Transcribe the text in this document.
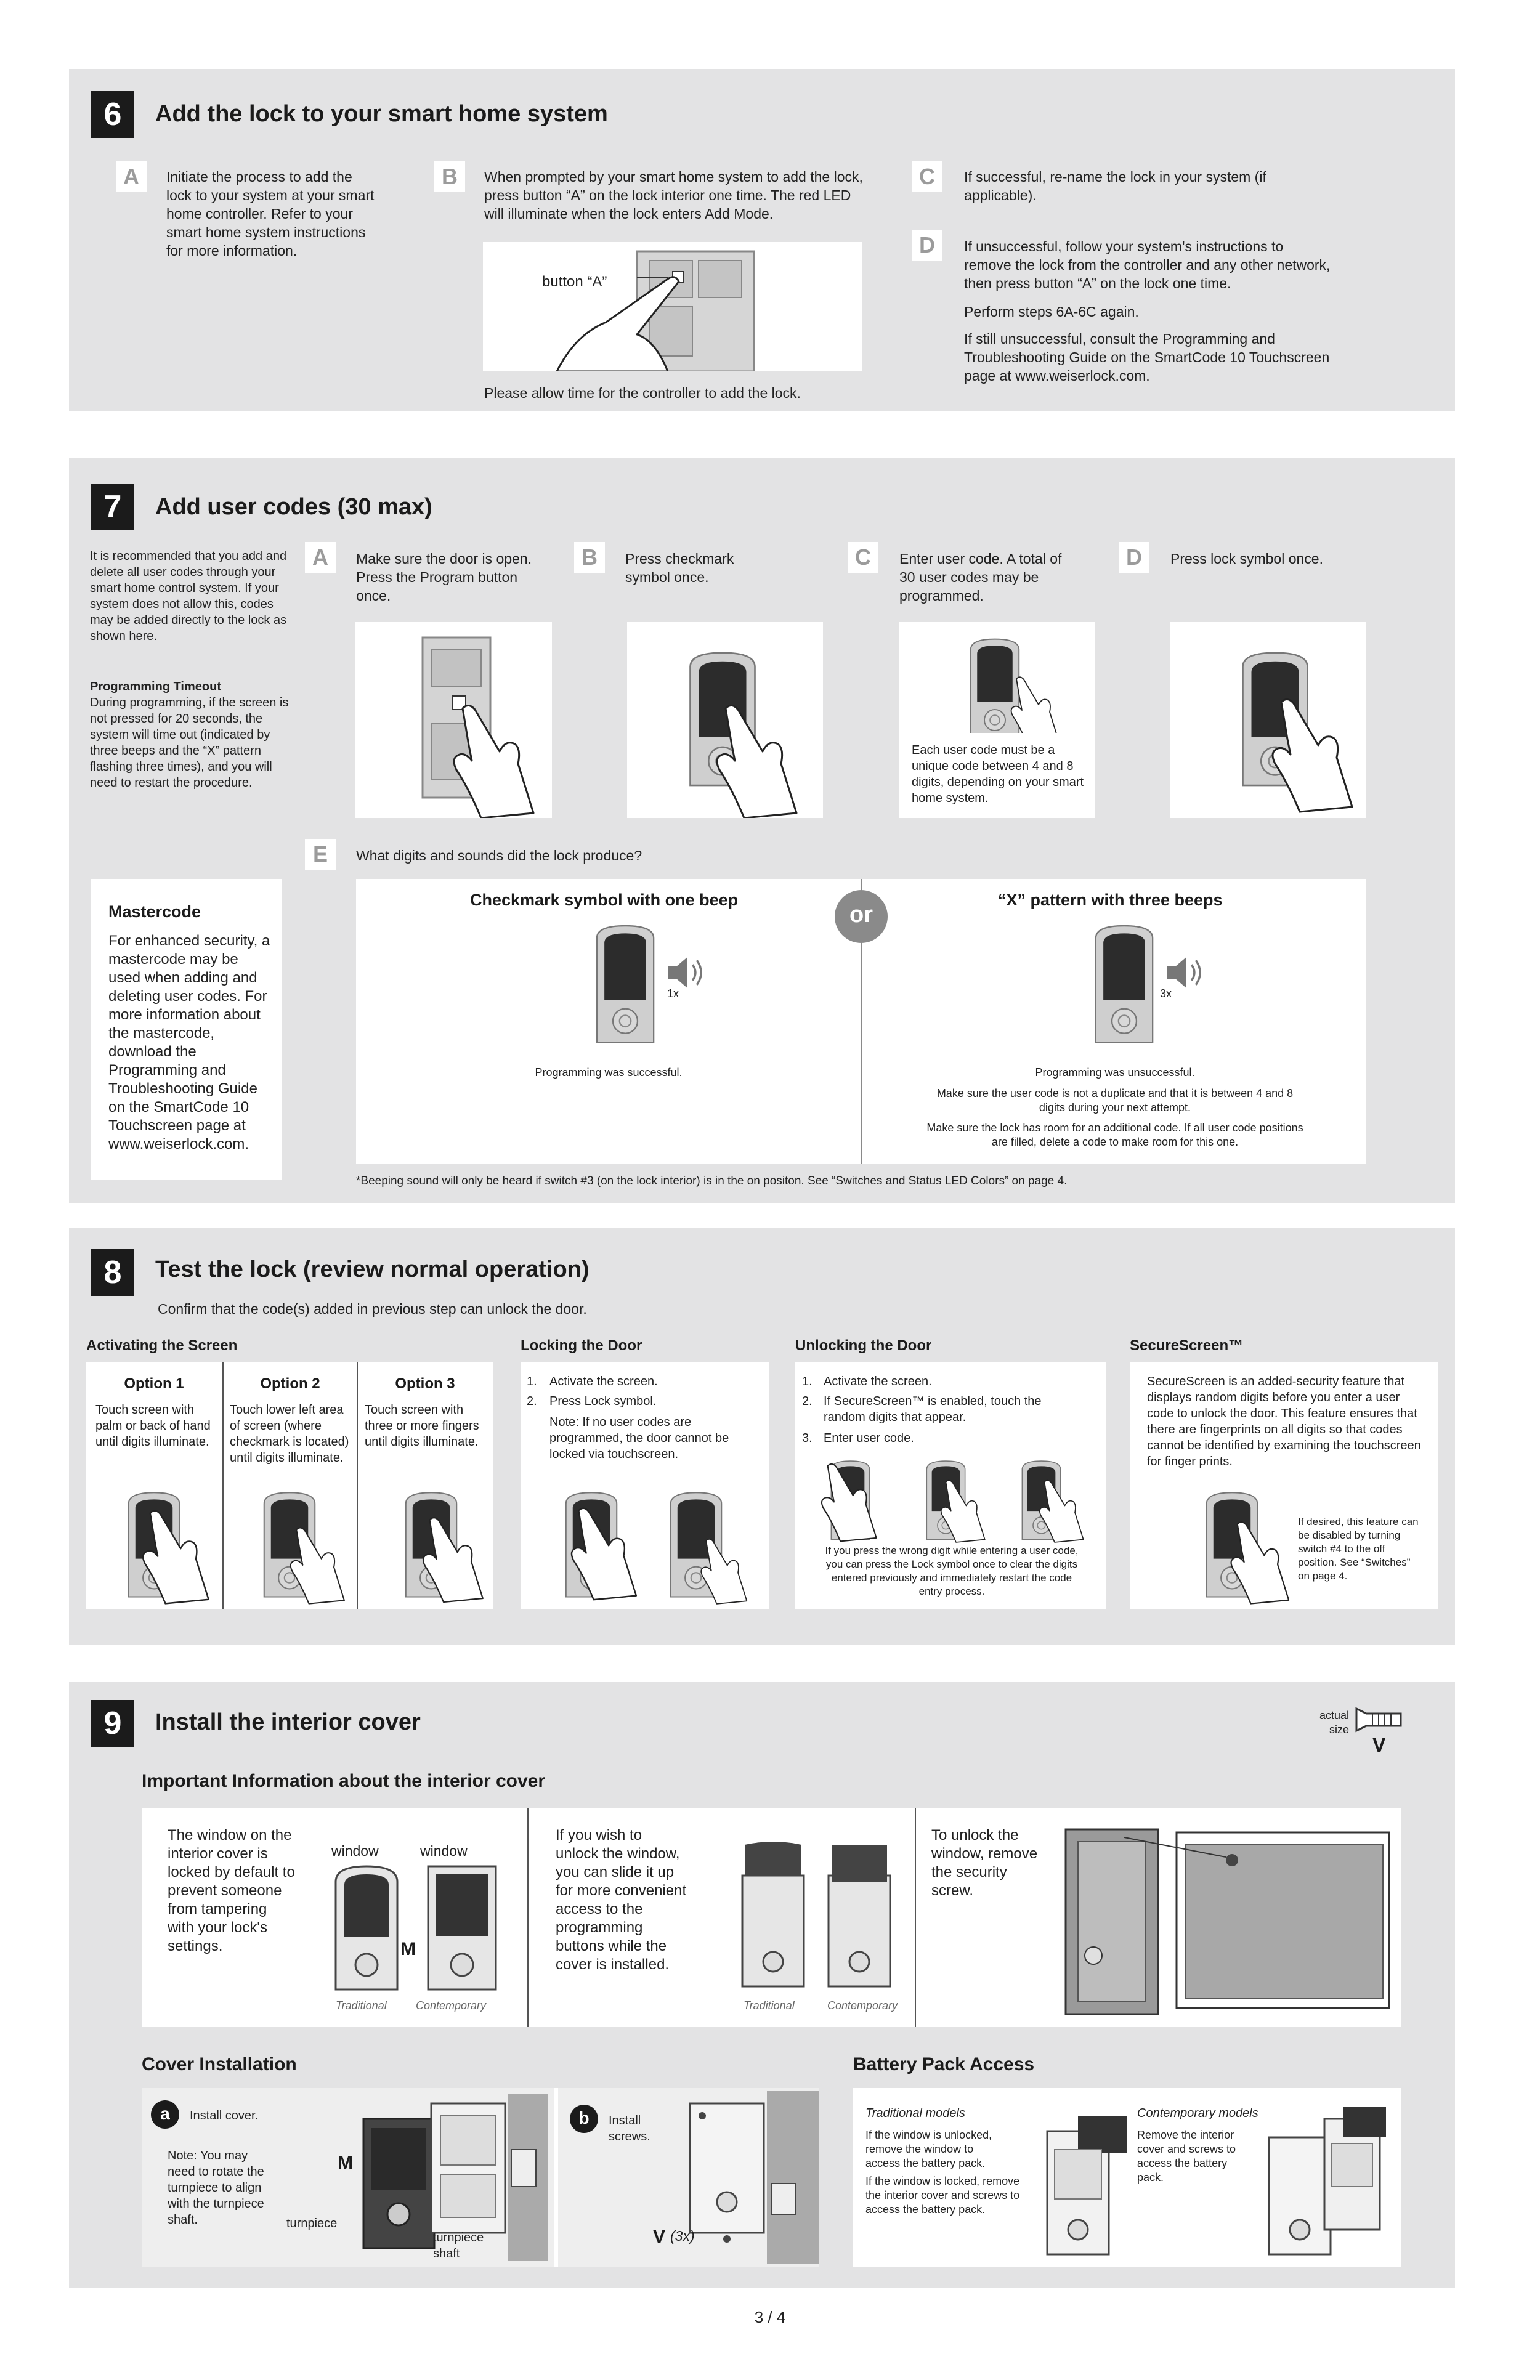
6	Add the lock to your smart home system
A	Initiate the process to add the lock to your system at your smart home controller. Refer to your smart home system instructions for more information.
B	When prompted by your smart home system to add the lock, press button “A” on the lock interior one time. The red LED will illuminate when the lock enters Add Mode.
button “A”
Please allow time for the controller to add the lock.
C	If successful, re-name the lock in your system (if applicable).
D	If unsuccessful, follow your system's instructions to remove the lock from the controller and any other network, then press button “A” on the lock one time.
Perform steps 6A-6C again.
If still unsuccessful, consult the Programming and Troubleshooting Guide on the SmartCode 10 Touchscreen page at www.weiserlock.com.
7	Add user codes (30 max)
It is recommended that you add and delete all user codes through your smart home control system. If your system does not allow this, codes may be added directly to the lock as shown here.
Programming Timeout
During programming, if the screen is not pressed for 20 seconds, the system will time out (indicated by three beeps and the “X” pattern flashing three times), and you will need to restart the procedure.
Mastercode
For enhanced security, a mastercode may be used when adding and deleting user codes. For more information about the mastercode, download the Programming and Troubleshooting Guide on the SmartCode 10 Touchscreen page at www.weiserlock.com.
A	Make sure the door is open. Press the Program button once.
B	Press checkmark symbol once.
C	Enter user code. A total of 30 user codes may be programmed.
Each user code must be a unique code between 4 and 8 digits, depending on your smart home system.
D	Press lock symbol once.
E	What digits and sounds did the lock produce?
or
Checkmark symbol with one beep
1x
Programming was successful.
“X” pattern with three beeps
3x
Programming was unsuccessful.
Make sure the user code is not a duplicate and that it is between 4 and 8 digits during your next attempt.
Make sure the lock has room for an additional code. If all user code positions are filled, delete a code to make room for this one.
*Beeping sound will only be heard if switch #3 (on the lock interior) is in the on positon. See “Switches and Status LED Colors” on page 4.
8	Test the lock (review normal operation)
Confirm that the code(s) added in previous step can unlock the door.
Activating the Screen
Option 1
Touch screen with palm or back of hand until digits illuminate.
Option 2
Touch lower left area of screen (where checkmark is located) until digits illuminate.
Option 3
Touch screen with three or more fingers until digits illuminate.
Locking the Door
1. Activate the screen.
2. Press Lock symbol.
Note: If no user codes are programmed, the door cannot be locked via touchscreen.
Unlocking the Door
1. Activate the screen.
2. If SecureScreen™ is enabled, touch the random digits that appear.
3. Enter user code.
If you press the wrong digit while entering a user code, you can press the Lock symbol once to clear the digits entered previously and immediately restart the code entry process.
SecureScreen™
SecureScreen is an added-security feature that displays random digits before you enter a user code to unlock the door. This feature ensures that there are fingerprints on all digits so that codes cannot be identified by examining the touchscreen for finger prints.
If desired, this feature can be disabled by turning switch #4 to the off position. See “Switches” on page 4.
9	Install the interior cover	actual size
V
Important Information about the interior cover
The window on the interior cover is locked by default to prevent someone from tampering with your lock's settings.
window	window
M
Traditional	Contemporary
If you wish to unlock the window, you can slide it up for more convenient access to the programming buttons while the cover is installed.
Traditional	Contemporary
To unlock the window, remove the security screw.
Cover Installation
a	Install cover.
Note: You may need to rotate the turnpiece to align with the turnpiece shaft.
M
turnpiece
turnpiece shaft
b	Install screws.
V (3x)
Battery Pack Access
Traditional models
If the window is unlocked, remove the window to access the battery pack.
If the window is locked, remove the interior cover and screws to access the battery pack.
Contemporary models
Remove the interior cover and screws to access the battery pack.
3 / 4
